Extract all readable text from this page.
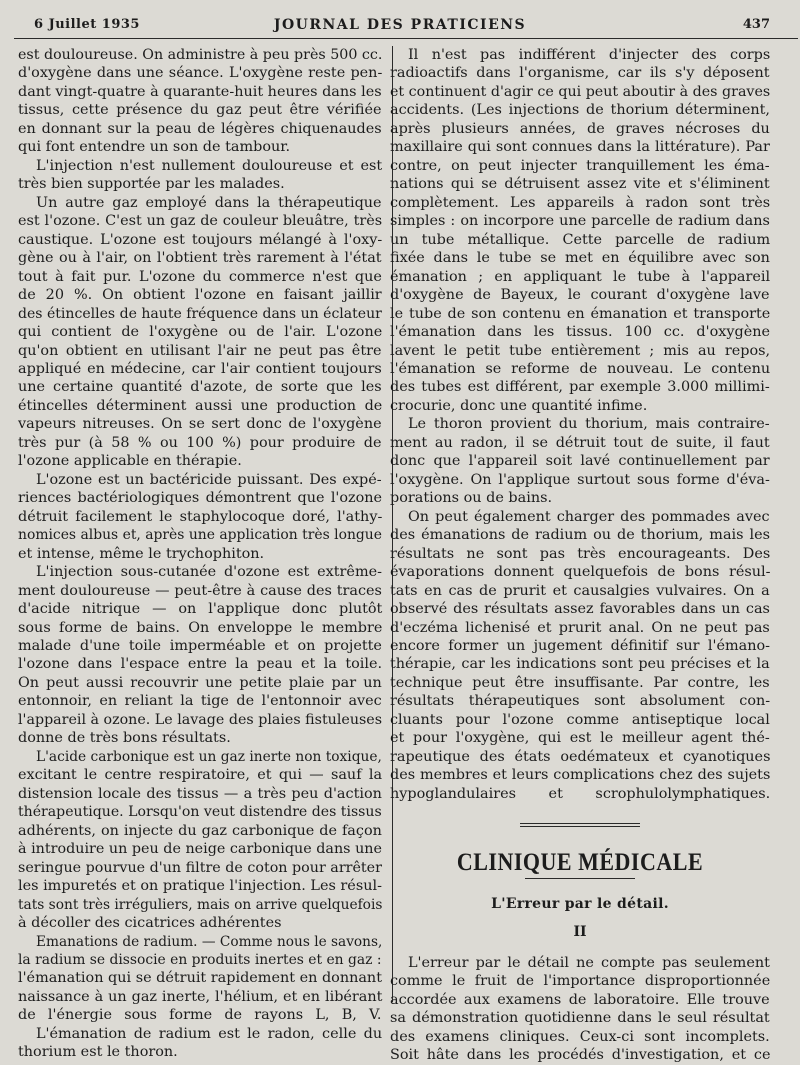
6 Juillet 1935	JOURNAL DES PRATICIENS	437
est douloureuse. On administre à peu près 500 cc.
d'oxygène dans une séance. L'oxygène reste pen-
dant vingt-quatre à quarante-huit heures dans les
tissus, cette présence du gaz peut être vérifiée
en donnant sur la peau de légères chiquenaudes
qui font entendre un son de tambour.
L'injection n'est nullement douloureuse et est
très bien supportée par les malades.
Un autre gaz employé dans la thérapeutique
est l'ozone. C'est un gaz de couleur bleuâtre, très
caustique. L'ozone est toujours mélangé à l'oxy-
gène ou à l'air, on l'obtient très rarement à l'état
tout à fait pur. L'ozone du commerce n'est que
de 20 %. On obtient l'ozone en faisant jaillir
des étincelles de haute fréquence dans un éclateur
qui contient de l'oxygène ou de l'air. L'ozone
qu'on obtient en utilisant l'air ne peut pas être
appliqué en médecine, car l'air contient toujours
une certaine quantité d'azote, de sorte que les
étincelles déterminent aussi une production de
vapeurs nitreuses. On se sert donc de l'oxygène
très pur (à 58 % ou 100 %) pour produire de
l'ozone applicable en thérapie.
L'ozone est un bactéricide puissant. Des expé-
riences bactériologiques démontrent que l'ozone
détruit facilement le staphylocoque doré, l'athy-
nomices albus et, après une application très longue
et intense, même le trychophiton.
L'injection sous-cutanée d'ozone est extrême-
ment douloureuse — peut-être à cause des traces
d'acide nitrique — on l'applique donc plutôt
sous forme de bains. On enveloppe le membre
malade d'une toile imperméable et on projette
l'ozone dans l'espace entre la peau et la toile.
On peut aussi recouvrir une petite plaie par un
entonnoir, en reliant la tige de l'entonnoir avec
l'appareil à ozone. Le lavage des plaies fistuleuses
donne de très bons résultats.
L'acide carbonique est un gaz inerte non toxique,
excitant le centre respiratoire, et qui — sauf la
distension locale des tissus — a très peu d'action
thérapeutique. Lorsqu'on veut distendre des tissus
adhérents, on injecte du gaz carbonique de façon
à introduire un peu de neige carbonique dans une
seringue pourvue d'un filtre de coton pour arrêter
les impuretés et on pratique l'injection. Les résul-
tats sont très irréguliers, mais on arrive quelquefois
à décoller des cicatrices adhérentes
Emanations de radium. — Comme nous le savons,
la radium se dissocie en produits inertes et en gaz :
l'émanation qui se détruit rapidement en donnant
naissance à un gaz inerte, l'hélium, et en libérant
de l'énergie sous forme de rayons L, B, V.
L'émanation de radium est le radon, celle du
thorium est le thoron.
Il n'est pas indifférent d'injecter des corps
radioactifs dans l'organisme, car ils s'y déposent
et continuent d'agir ce qui peut aboutir à des graves
accidents. (Les injections de thorium déterminent,
après plusieurs années, de graves nécroses du
maxillaire qui sont connues dans la littérature). Par
contre, on peut injecter tranquillement les éma-
nations qui se détruisent assez vite et s'éliminent
complètement. Les appareils à radon sont très
simples : on incorpore une parcelle de radium dans
un tube métallique. Cette parcelle de radium
fixée dans le tube se met en équilibre avec son
émanation ; en appliquant le tube à l'appareil
d'oxygène de Bayeux, le courant d'oxygène lave
le tube de son contenu en émanation et transporte
l'émanation dans les tissus. 100 cc. d'oxygène
lavent le petit tube entièrement ; mis au repos,
l'émanation se reforme de nouveau. Le contenu
des tubes est différent, par exemple 3.000 millimi-
crocurie, donc une quantité infime.
Le thoron provient du thorium, mais contraire-
ment au radon, il se détruit tout de suite, il faut
donc que l'appareil soit lavé continuellement par
l'oxygène. On l'applique surtout sous forme d'éva-
porations ou de bains.
On peut également charger des pommades avec
des émanations de radium ou de thorium, mais les
résultats ne sont pas très encourageants. Des
évaporations donnent quelquefois de bons résul-
tats en cas de prurit et causalgies vulvaires. On a
observé des résultats assez favorables dans un cas
d'eczéma lichenisé et prurit anal. On ne peut pas
encore former un jugement définitif sur l'émano-
thérapie, car les indications sont peu précises et la
technique peut être insuffisante. Par contre, les
résultats thérapeutiques sont absolument con-
cluants pour l'ozone comme antiseptique local
et pour l'oxygène, qui est le meilleur agent thé-
rapeutique des états oedémateux et cyanotiques
des membres et leurs complications chez des sujets
hypoglandulaires et scrophulolymphatiques.
CLINIQUE MÉDICALE
L'Erreur par le détail.
II
L'erreur par le détail ne compte pas seulement
comme le fruit de l'importance disproportionnée
accordée aux examens de laboratoire. Elle trouve
sa démonstration quotidienne dans le seul résultat
des examens cliniques. Ceux-ci sont incomplets.
Soit hâte dans les procédés d'investigation, et ce
